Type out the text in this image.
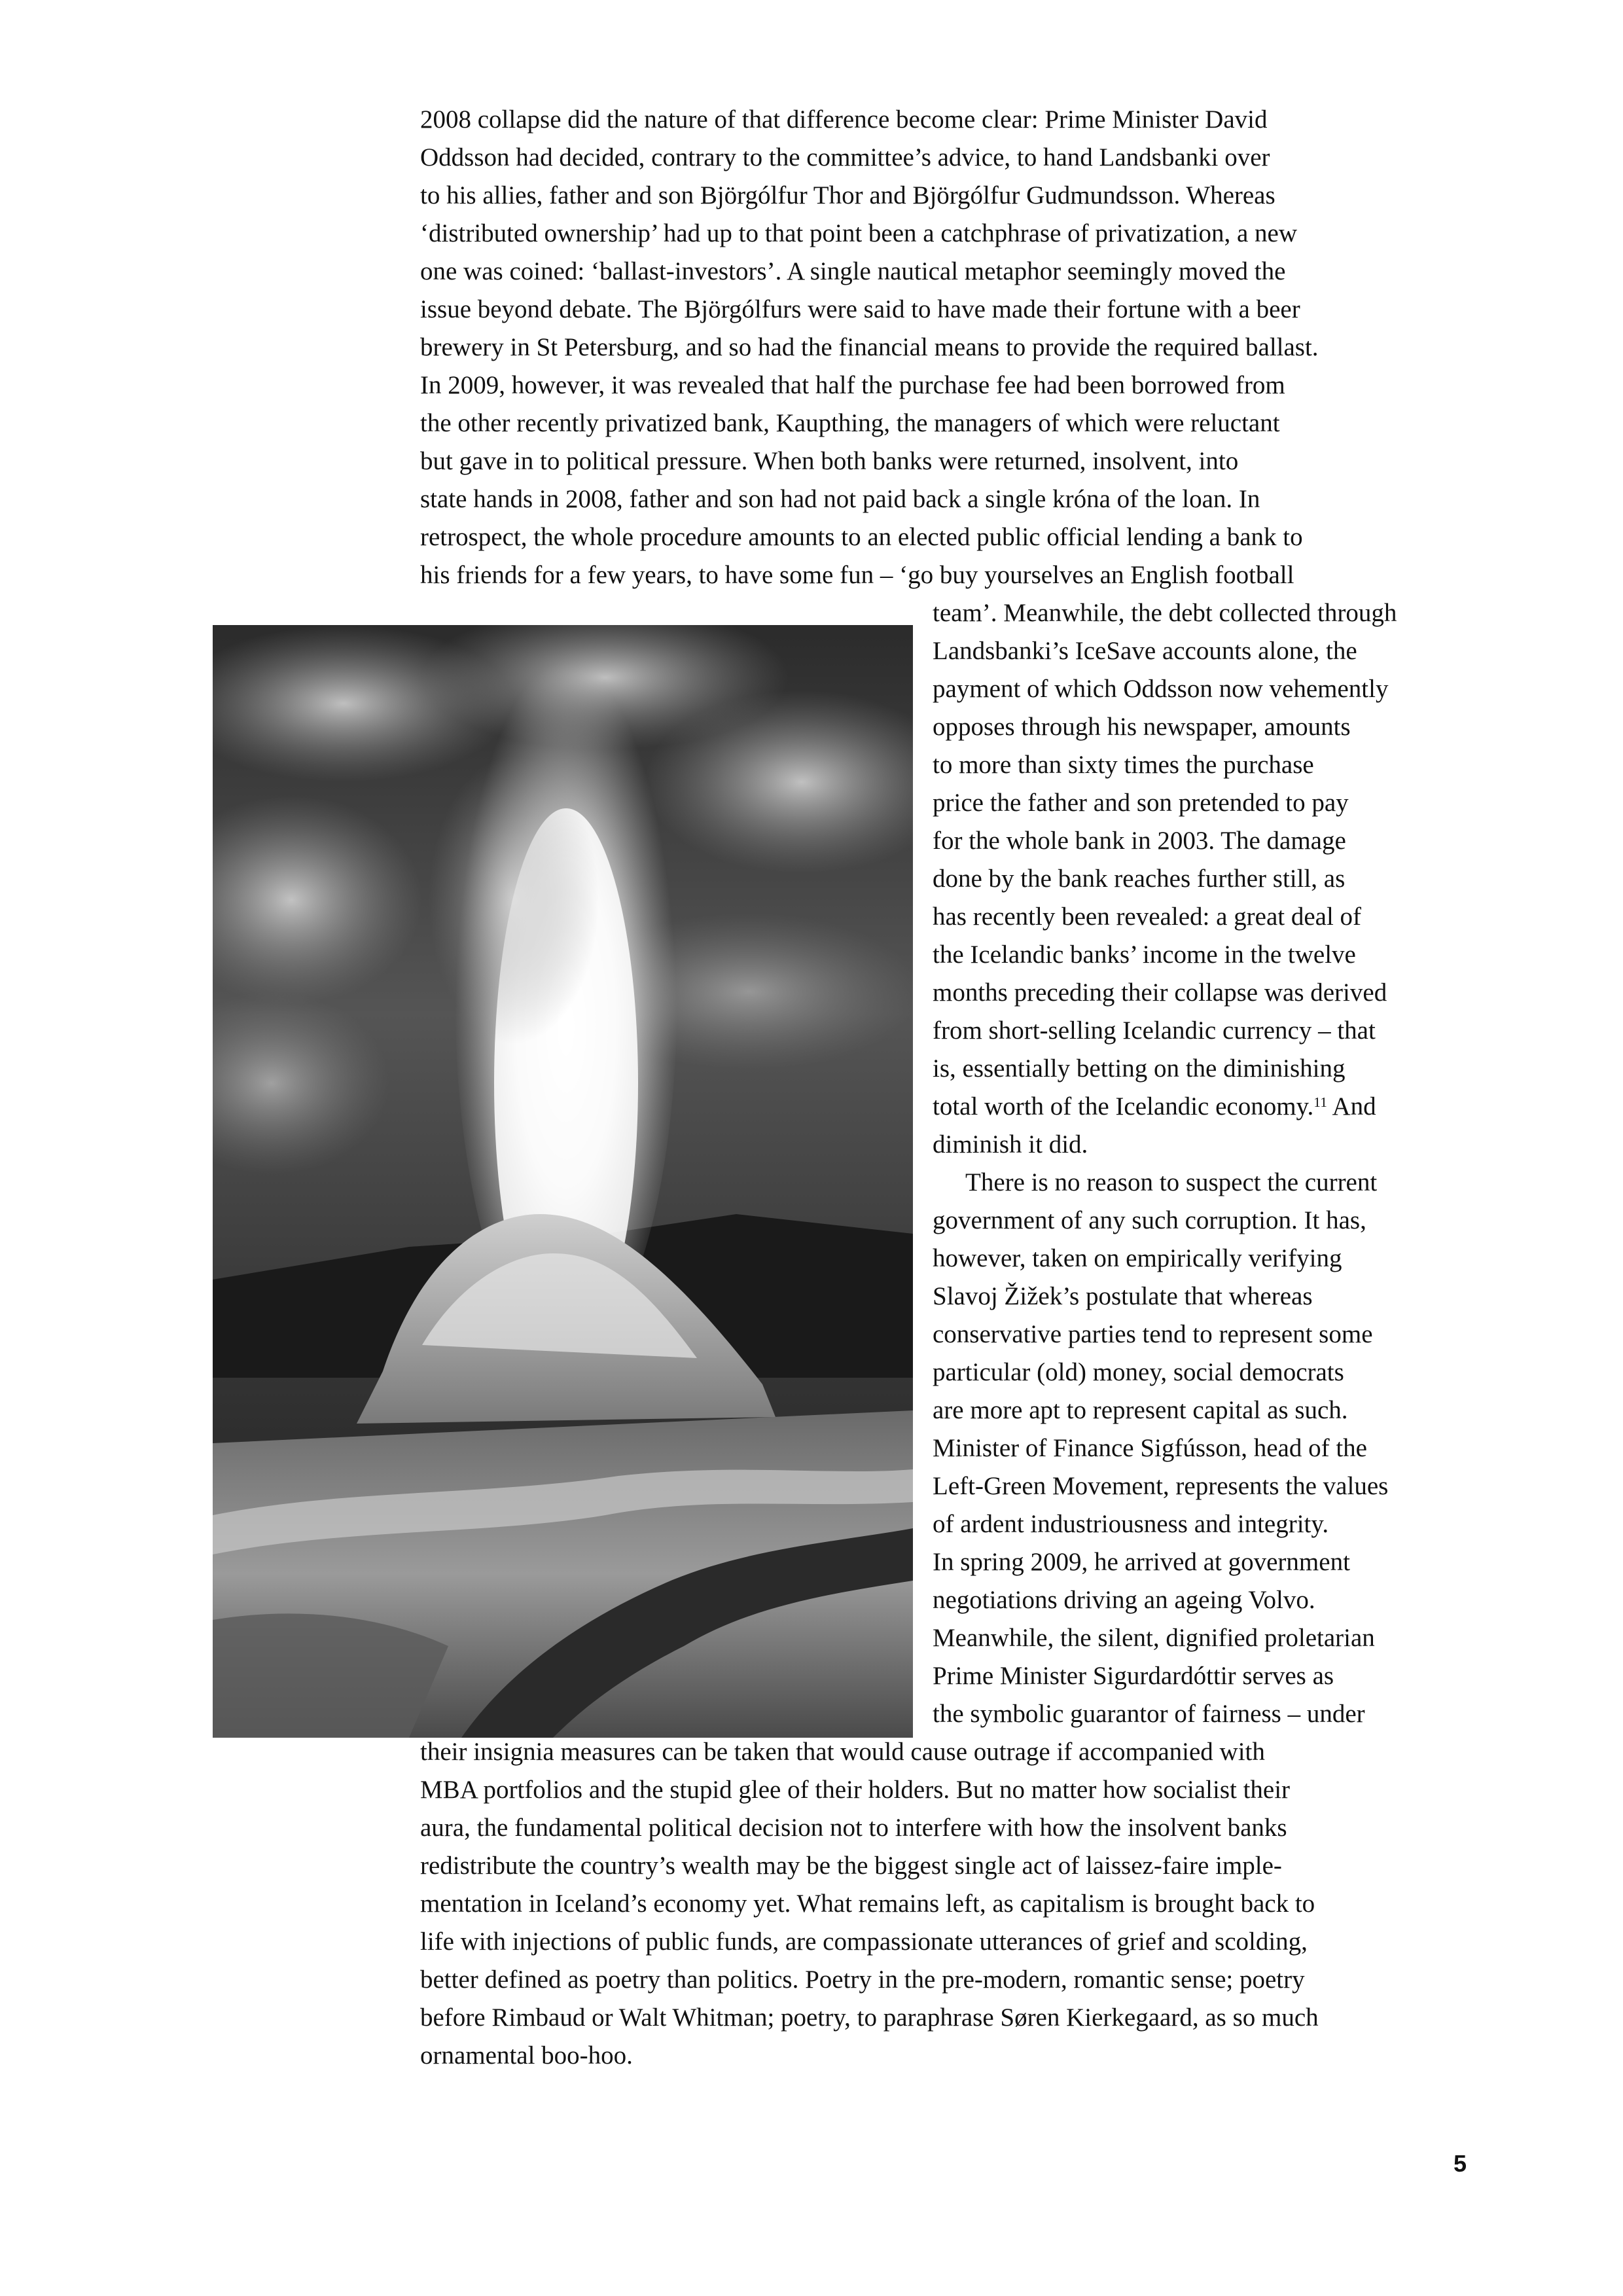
2008 collapse did the nature of that difference become clear: Prime Minister David
Oddsson had decided, contrary to the committee’s advice, to hand Landsbanki over
to his allies, father and son Björgólfur Thor and Björgólfur Gudmundsson. Whereas
‘distributed ownership’ had up to that point been a catchphrase of privatization, a new
one was coined: ‘ballast-investors’. A single nautical metaphor seemingly moved the
issue beyond debate. The Björgólfurs were said to have made their fortune with a beer
brewery in St Petersburg, and so had the financial means to provide the required ballast.
In 2009, however, it was revealed that half the purchase fee had been borrowed from
the other recently privatized bank, Kaupthing, the managers of which were reluctant
but gave in to political pressure. When both banks were returned, insolvent, into
state hands in 2008, father and son had not paid back a single króna of the loan. In
retrospect, the whole procedure amounts to an elected public official lending a bank to
his friends for a few years, to have some fun – ‘go buy yourselves an English football
team’. Meanwhile, the debt collected through
Landsbanki’s IceSave accounts alone, the
payment of which Oddsson now vehemently
opposes through his newspaper, amounts
to more than sixty times the purchase
price the father and son pretended to pay
for the whole bank in 2003. The damage
done by the bank reaches further still, as
has recently been revealed: a great deal of
the Icelandic banks’ income in the twelve
months preceding their collapse was derived
from short-selling Icelandic currency – that
is, essentially betting on the diminishing
total worth of the Icelandic economy.$^{11}$ And
diminish it did.
There is no reason to suspect the current
government of any such corruption. It has,
however, taken on empirically verifying
Slavoj Žižek’s postulate that whereas
conservative parties tend to represent some
particular (old) money, social democrats
are more apt to represent capital as such.
Minister of Finance Sigfússon, head of the
Left-Green Movement, represents the values
of ardent industriousness and integrity.
In spring 2009, he arrived at government
negotiations driving an ageing Volvo.
Meanwhile, the silent, dignified proletarian
Prime Minister Sigurdardóttir serves as
the symbolic guarantor of fairness – under
their insignia measures can be taken that would cause outrage if accompanied with
MBA portfolios and the stupid glee of their holders. But no matter how socialist their
aura, the fundamental political decision not to interfere with how the insolvent banks
redistribute the country’s wealth may be the biggest single act of laissez-faire imple-
mentation in Iceland’s economy yet. What remains left, as capitalism is brought back to
life with injections of public funds, are compassionate utterances of grief and scolding,
better defined as poetry than politics. Poetry in the pre-modern, romantic sense; poetry
before Rimbaud or Walt Whitman; poetry, to paraphrase Søren Kierkegaard, as so much
ornamental boo-hoo.
5
